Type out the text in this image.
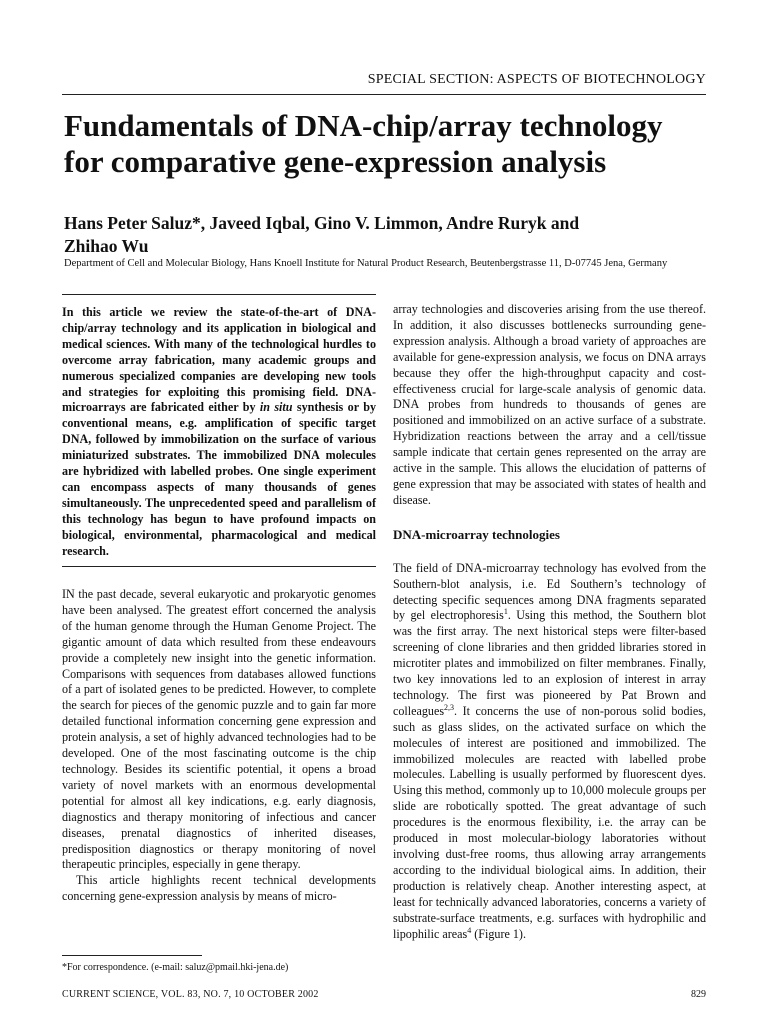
SPECIAL SECTION: ASPECTS OF BIOTECHNOLOGY
Fundamentals of DNA-chip/array technology
for comparative gene-expression analysis
Hans Peter Saluz*, Javeed Iqbal, Gino V. Limmon, Andre Ruryk and
Zhihao Wu
Department of Cell and Molecular Biology, Hans Knoell Institute for Natural Product Research, Beutenbergstrasse 11, D-07745 Jena, Germany
In this article we review the state-of-the-art of DNA-chip/array technology and its application in biological and medical sciences. With many of the technological hurdles to overcome array fabrication, many academic groups and numerous specialized companies are developing new tools and strategies for exploiting this promising field. DNA-microarrays are fabricated either by in situ synthesis or by conventional means, e.g. amplification of specific target DNA, followed by immobilization on the surface of various miniaturized substrates. The immobilized DNA molecules are hybridized with labelled probes. One single experiment can encompass aspects of many thousands of genes simultaneously. The unprecedented speed and parallelism of this technology has begun to have profound impacts on biological, environmental, pharmacological and medical research.

IN the past decade, several eukaryotic and prokaryotic genomes have been analysed. The greatest effort concerned the analysis of the human genome through the Human Genome Project. The gigantic amount of data which resulted from these endeavours provide a completely new insight into the genetic information. Comparisons with sequences from databases allowed functions of a part of isolated genes to be predicted. However, to complete the search for pieces of the genomic puzzle and to gain far more detailed functional information concerning gene expression and protein analysis, a set of highly advanced technologies had to be developed. One of the most fascinating outcome is the chip technology. Besides its scientific potential, it opens a broad variety of novel markets with an enormous developmental potential for almost all key indications, e.g. early diagnosis, diagnostics and therapy monitoring of infectious and cancer diseases, prenatal diagnostics of inherited diseases, predisposition diagnostics or therapy monitoring of novel therapeutic principles, especially in gene therapy.

This article highlights recent technical developments concerning gene-expression analysis by means of micro-

array technologies and discoveries arising from the use thereof. In addition, it also discusses bottlenecks surrounding gene-expression analysis. Although a broad variety of approaches are available for gene-expression analysis, we focus on DNA arrays because they offer the high-throughput capacity and cost-effectiveness crucial for large-scale analysis of genomic data. DNA probes from hundreds to thousands of genes are positioned and immobilized on an active surface of a substrate. Hybridization reactions between the array and a cell/tissue sample indicate that certain genes represented on the array are active in the sample. This allows the elucidation of patterns of gene expression that may be associated with states of health and disease.

DNA-microarray technologies

The field of DNA-microarray technology has evolved from the Southern-blot analysis, i.e. Ed Southern’s technology of detecting specific sequences among DNA fragments separated by gel electrophoresis$^1$. Using this method, the Southern blot was the first array. The next historical steps were filter-based screening of clone libraries and then gridded libraries stored in microtiter plates and immobilized on filter membranes. Finally, two key innovations led to an explosion of interest in array technology. The first was pioneered by Pat Brown and colleagues$^{2,3}$. It concerns the use of non-porous solid bodies, such as glass slides, on the activated surface on which the molecules of interest are positioned and immobilized. The immobilized molecules are reacted with labelled probe molecules. Labelling is usually performed by fluorescent dyes. Using this method, commonly up to 10,000 molecule groups per slide are robotically spotted. The great advantage of such procedures is the enormous flexibility, i.e. the array can be produced in most molecular-biology laboratories without involving dust-free rooms, thus allowing array arrangements according to the individual biological aims. In addition, their production is relatively cheap. Another interesting aspect, at least for technically advanced laboratories, concerns a variety of substrate-surface treatments, e.g. surfaces with hydrophilic and lipophilic areas$^4$ (Figure 1).

*For correspondence. (e-mail: saluz@pmail.hki-jena.de)
CURRENT SCIENCE, VOL. 83, NO. 7, 10 OCTOBER 2002	829
